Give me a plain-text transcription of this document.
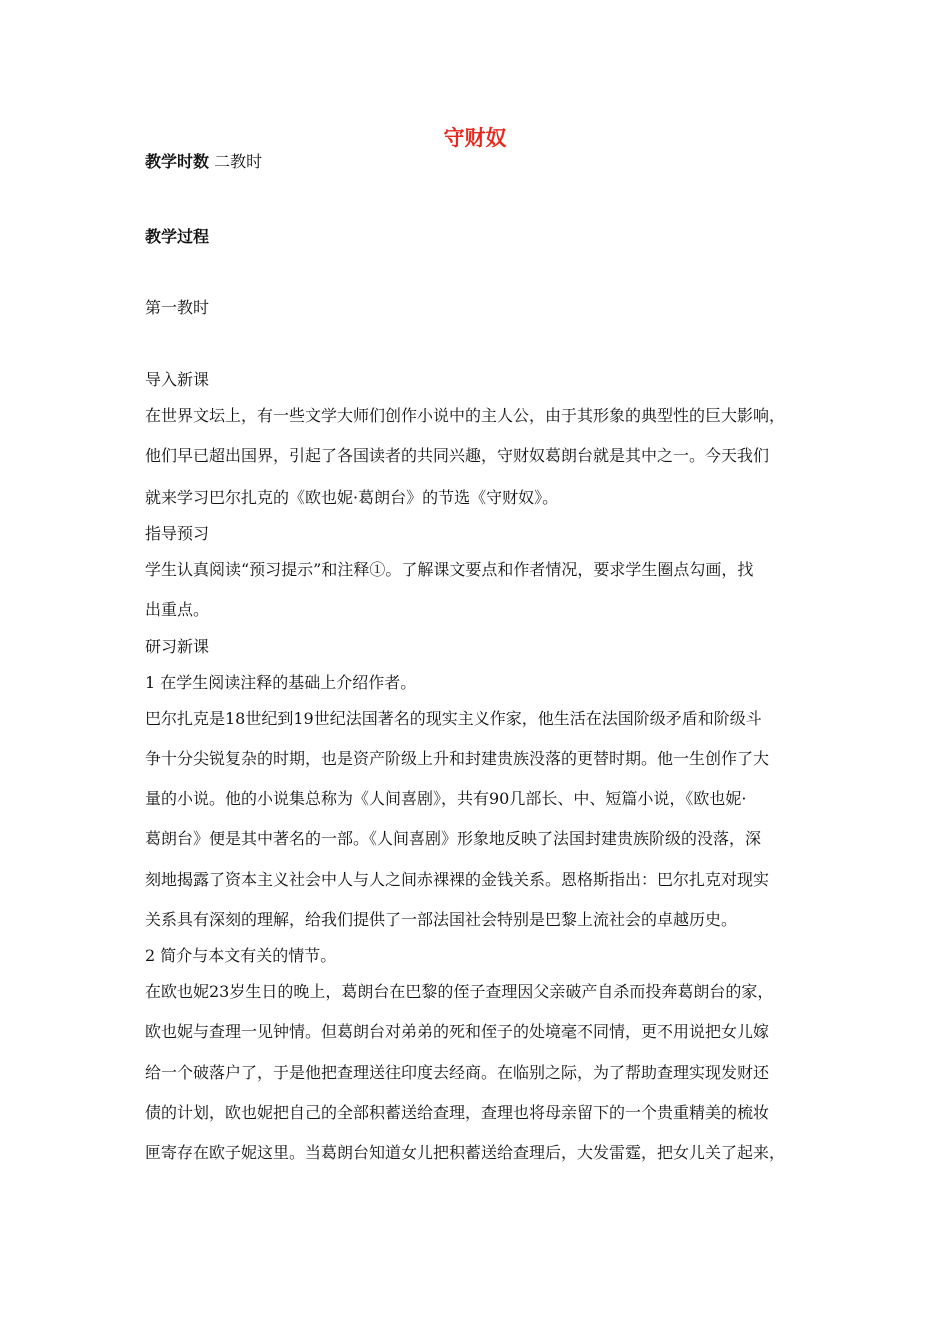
守财奴
教学时数 二教时
教学过程
第一教时
导入新课
在世界文坛上，有一些文学大师们创作小说中的主人公，由于其形象的典型性的巨大影响，
他们早已超出国界，引起了各国读者的共同兴趣，守财奴葛朗台就是其中之一。今天我们
就来学习巴尔扎克的《欧也妮·葛朗台》的节选《守财奴》。
指导预习
学生认真阅读“预习提示”和注释①。了解课文要点和作者情况，要求学生圈点勾画，找
出重点。
研习新课
1 在学生阅读注释的基础上介绍作者。
巴尔扎克是18世纪到19世纪法国著名的现实主义作家，他生活在法国阶级矛盾和阶级斗
争十分尖锐复杂的时期，也是资产阶级上升和封建贵族没落的更替时期。他一生创作了大
量的小说。他的小说集总称为《人间喜剧》，共有90几部长、中、短篇小说，《欧也妮·
葛朗台》便是其中著名的一部。《人间喜剧》形象地反映了法国封建贵族阶级的没落，深
刻地揭露了资本主义社会中人与人之间赤裸裸的金钱关系。恩格斯指出：巴尔扎克对现实
关系具有深刻的理解，给我们提供了一部法国社会特别是巴黎上流社会的卓越历史。
2 简介与本文有关的情节。
在欧也妮23岁生日的晚上，葛朗台在巴黎的侄子查理因父亲破产自杀而投奔葛朗台的家，
欧也妮与查理一见钟情。但葛朗台对弟弟的死和侄子的处境毫不同情，更不用说把女儿嫁
给一个破落户了，于是他把查理送往印度去经商。在临别之际，为了帮助查理实现发财还
债的计划，欧也妮把自己的全部积蓄送给查理，查理也将母亲留下的一个贵重精美的梳妆
匣寄存在欧子妮这里。当葛朗台知道女儿把积蓄送给查理后，大发雷霆，把女儿关了起来，
